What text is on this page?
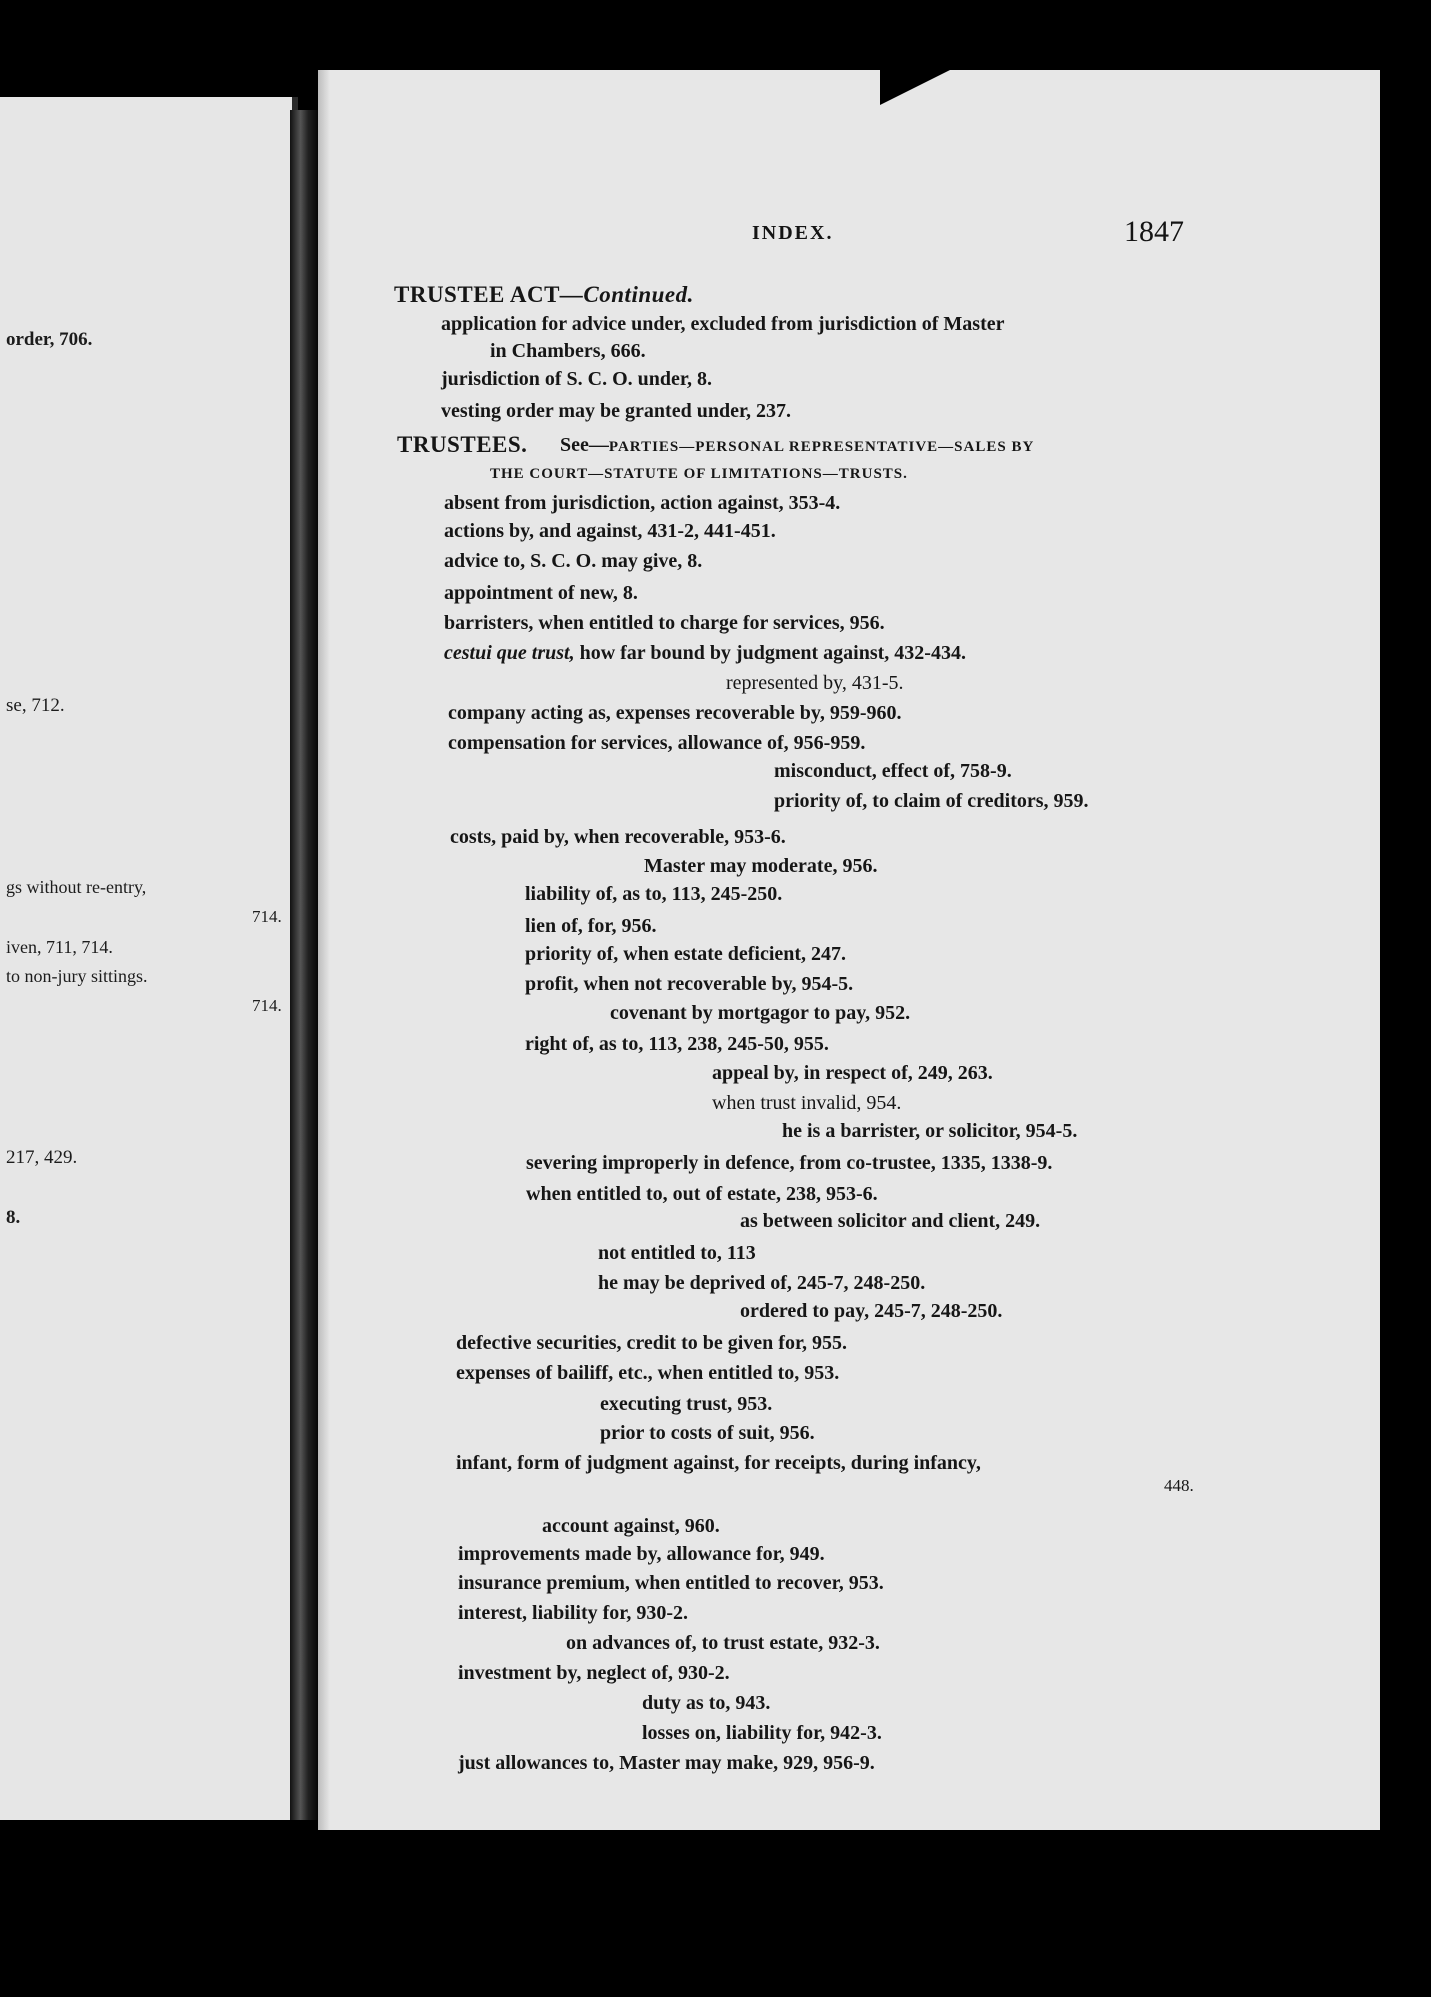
order, 706.
se, 712.
gs without re-entry,
714.
iven, 711, 714.
to non-jury sittings.
714.
217, 429.
8.
INDEX.	1847
TRUSTEE ACT—Continued.
application for advice under, excluded from jurisdiction of Master
in Chambers, 666.
jurisdiction of S. C. O. under, 8.
vesting order may be granted under, 237.
TRUSTEES. See—PARTIES—PERSONAL REPRESENTATIVE—SALES BY
THE COURT—STATUTE OF LIMITATIONS—TRUSTS.
absent from jurisdiction, action against, 353-4.
actions by, and against, 431-2, 441-451.
advice to, S. C. O. may give, 8.
appointment of new, 8.
barristers, when entitled to charge for services, 956.
cestui que trust, how far bound by judgment against, 432-434.
represented by, 431-5.
company acting as, expenses recoverable by, 959-960.
compensation for services, allowance of, 956-959.
misconduct, effect of, 758-9.
priority of, to claim of creditors, 959.
costs, paid by, when recoverable, 953-6.
Master may moderate, 956.
liability of, as to, 113, 245-250.
lien of, for, 956.
priority of, when estate deficient, 247.
profit, when not recoverable by, 954-5.
covenant by mortgagor to pay, 952.
right of, as to, 113, 238, 245-50, 955.
appeal by, in respect of, 249, 263.
when trust invalid, 954.
he is a barrister, or solicitor, 954-5.
severing improperly in defence, from co-trustee, 1335, 1338-9.
when entitled to, out of estate, 238, 953-6.
as between solicitor and client, 249.
not entitled to, 113
he may be deprived of, 245-7, 248-250.
ordered to pay, 245-7, 248-250.
defective securities, credit to be given for, 955.
expenses of bailiff, etc., when entitled to, 953.
executing trust, 953.
prior to costs of suit, 956.
infant, form of judgment against, for receipts, during infancy,
448.
account against, 960.
improvements made by, allowance for, 949.
insurance premium, when entitled to recover, 953.
interest, liability for, 930-2.
on advances of, to trust estate, 932-3.
investment by, neglect of, 930-2.
duty as to, 943.
losses on, liability for, 942-3.
just allowances to, Master may make, 929, 956-9.
